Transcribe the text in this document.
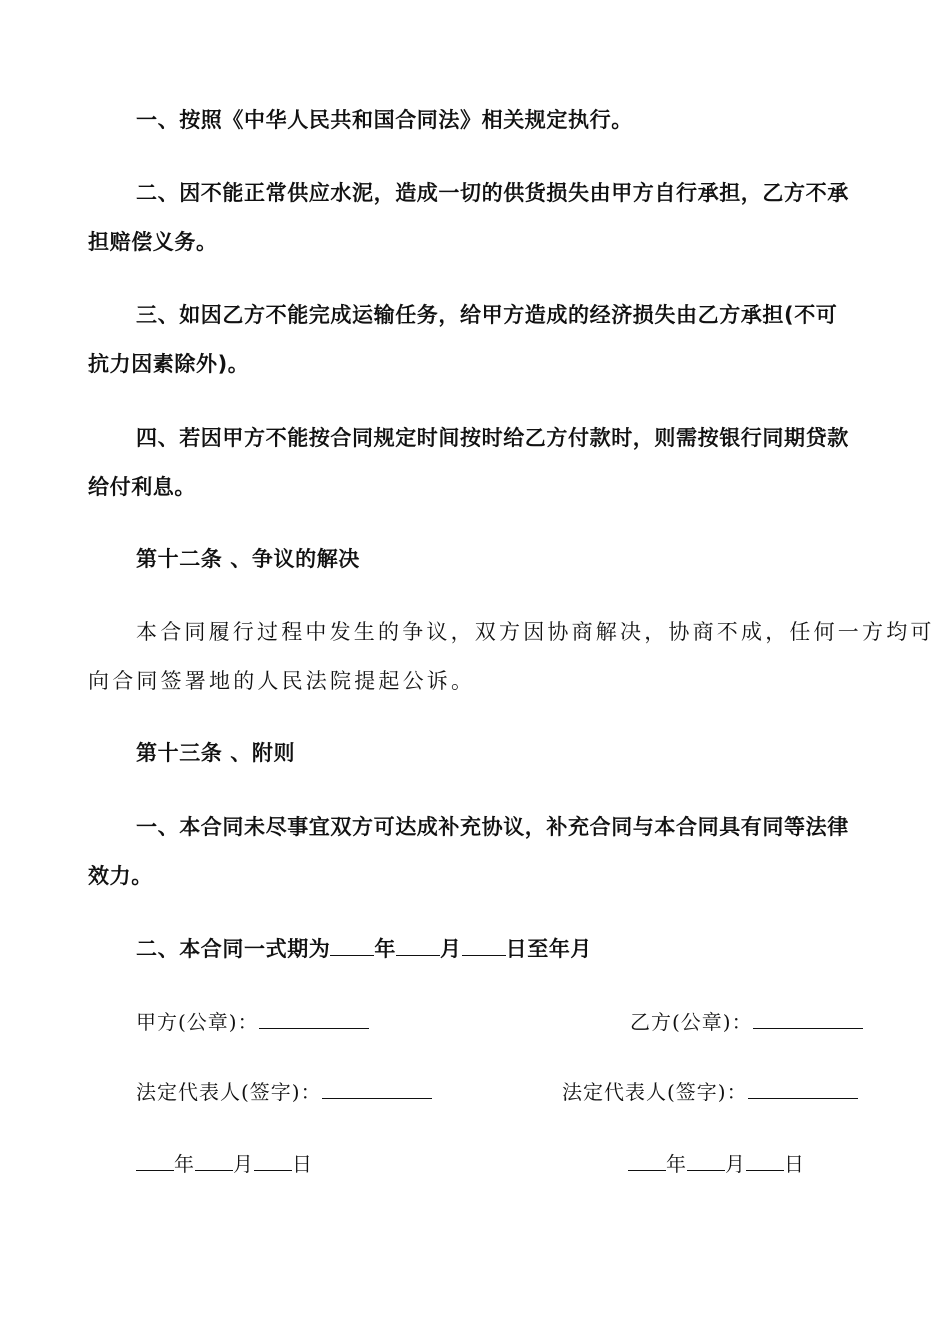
一、按照《中华人民共和国合同法》相关规定执行。
二、因不能正常供应水泥，造成一切的供货损失由甲方自行承担，乙方不承
担赔偿义务。
三、如因乙方不能完成运输任务，给甲方造成的经济损失由乙方承担(不可
抗力因素除外)。
四、若因甲方不能按合同规定时间按时给乙方付款时，则需按银行同期贷款
给付利息。
第十二条 、争议的解决
本合同履行过程中发生的争议，双方因协商解决，协商不成，任何一方均可
向合同签署地的人民法院提起公诉。
第十三条 、附则
一、本合同未尽事宜双方可达成补充协议，补充合同与本合同具有同等法律
效力。
二、本合同一式期为 年 月 日至年月
甲方(公章)：	乙方(公章)：
法定代表人(签字)：	法定代表人(签字)：
年 月 日	年 月 日
